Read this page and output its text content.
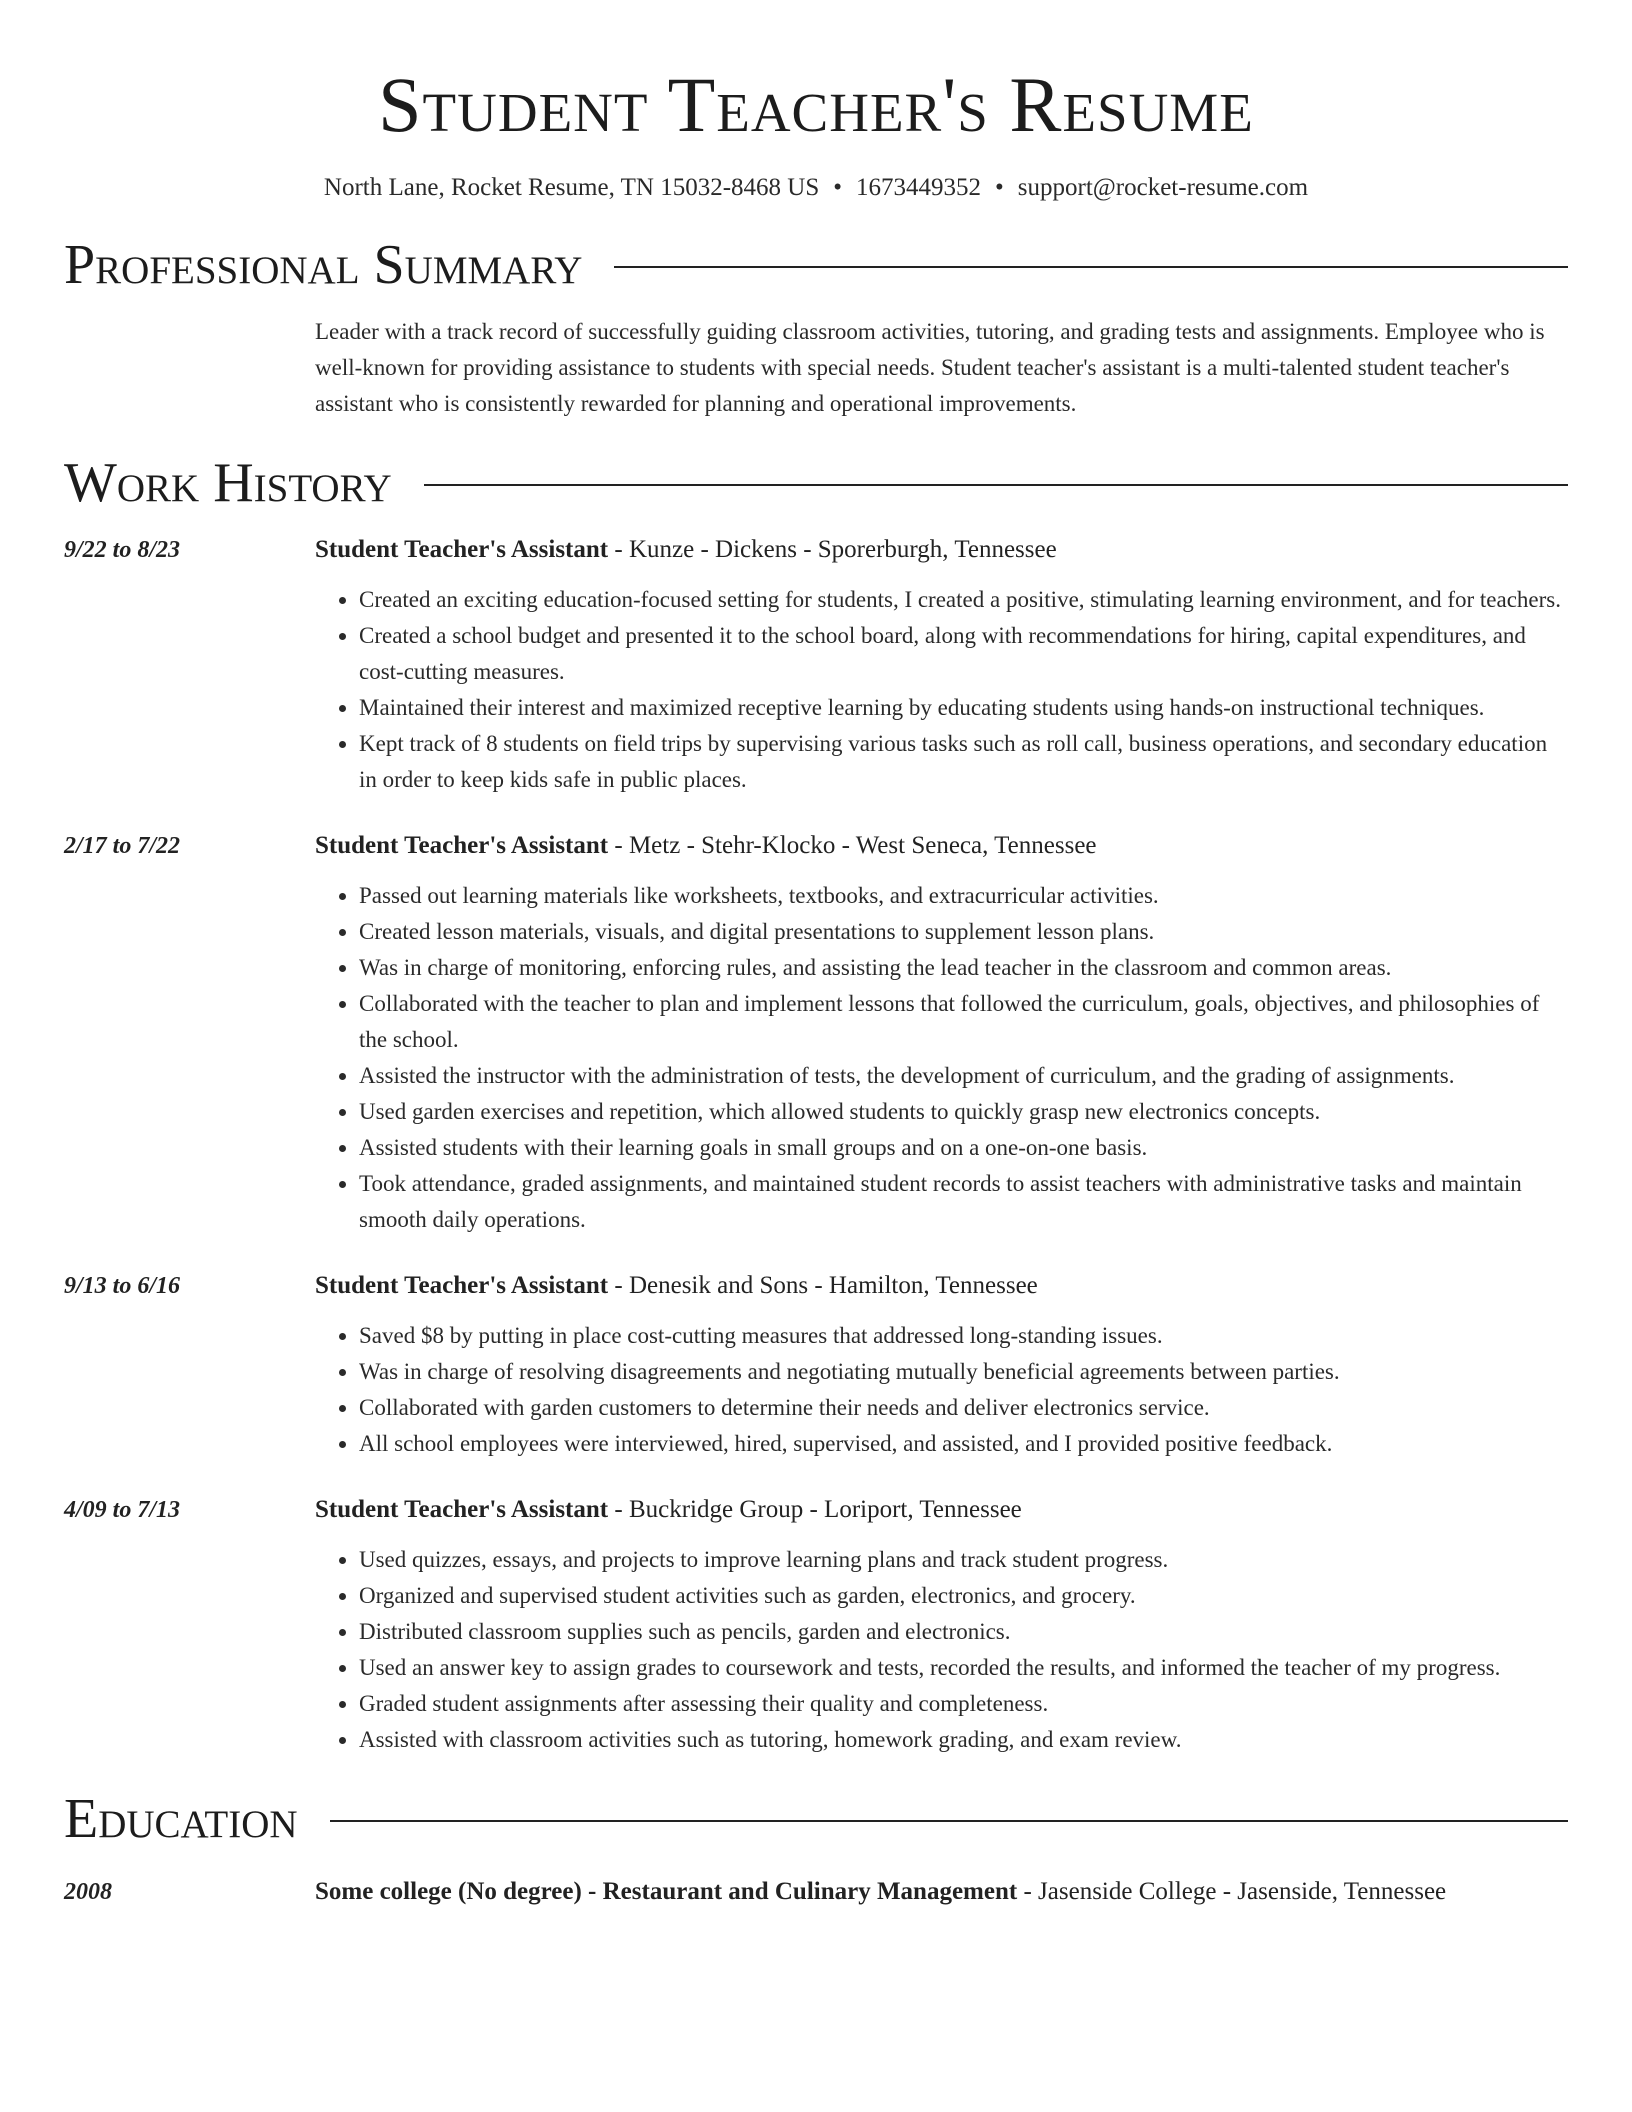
Student Teacher's Resume
North Lane, Rocket Resume, TN 15032-8468 US • 1673449352 • support@rocket-resume.com
Professional Summary
Leader with a track record of successfully guiding classroom activities, tutoring, and grading tests and assignments. Employee who is well-known for providing assistance to students with special needs. Student teacher's assistant is a multi-talented student teacher's assistant who is consistently rewarded for planning and operational improvements.
Work History
9/22 to 8/23	Student Teacher's Assistant - Kunze - Dickens - Sporerburgh, Tennessee
• Created an exciting education-focused setting for students, I created a positive, stimulating learning environment, and for teachers.
• Created a school budget and presented it to the school board, along with recommendations for hiring, capital expenditures, and cost-cutting measures.
• Maintained their interest and maximized receptive learning by educating students using hands-on instructional techniques.
• Kept track of 8 students on field trips by supervising various tasks such as roll call, business operations, and secondary education in order to keep kids safe in public places.
2/17 to 7/22	Student Teacher's Assistant - Metz - Stehr-Klocko - West Seneca, Tennessee
• Passed out learning materials like worksheets, textbooks, and extracurricular activities.
• Created lesson materials, visuals, and digital presentations to supplement lesson plans.
• Was in charge of monitoring, enforcing rules, and assisting the lead teacher in the classroom and common areas.
• Collaborated with the teacher to plan and implement lessons that followed the curriculum, goals, objectives, and philosophies of the school.
• Assisted the instructor with the administration of tests, the development of curriculum, and the grading of assignments.
• Used garden exercises and repetition, which allowed students to quickly grasp new electronics concepts.
• Assisted students with their learning goals in small groups and on a one-on-one basis.
• Took attendance, graded assignments, and maintained student records to assist teachers with administrative tasks and maintain smooth daily operations.
9/13 to 6/16	Student Teacher's Assistant - Denesik and Sons - Hamilton, Tennessee
• Saved $8 by putting in place cost-cutting measures that addressed long-standing issues.
• Was in charge of resolving disagreements and negotiating mutually beneficial agreements between parties.
• Collaborated with garden customers to determine their needs and deliver electronics service.
• All school employees were interviewed, hired, supervised, and assisted, and I provided positive feedback.
4/09 to 7/13	Student Teacher's Assistant - Buckridge Group - Loriport, Tennessee
• Used quizzes, essays, and projects to improve learning plans and track student progress.
• Organized and supervised student activities such as garden, electronics, and grocery.
• Distributed classroom supplies such as pencils, garden and electronics.
• Used an answer key to assign grades to coursework and tests, recorded the results, and informed the teacher of my progress.
• Graded student assignments after assessing their quality and completeness.
• Assisted with classroom activities such as tutoring, homework grading, and exam review.
Education
2008	Some college (No degree) - Restaurant and Culinary Management - Jasenside College - Jasenside, Tennessee
